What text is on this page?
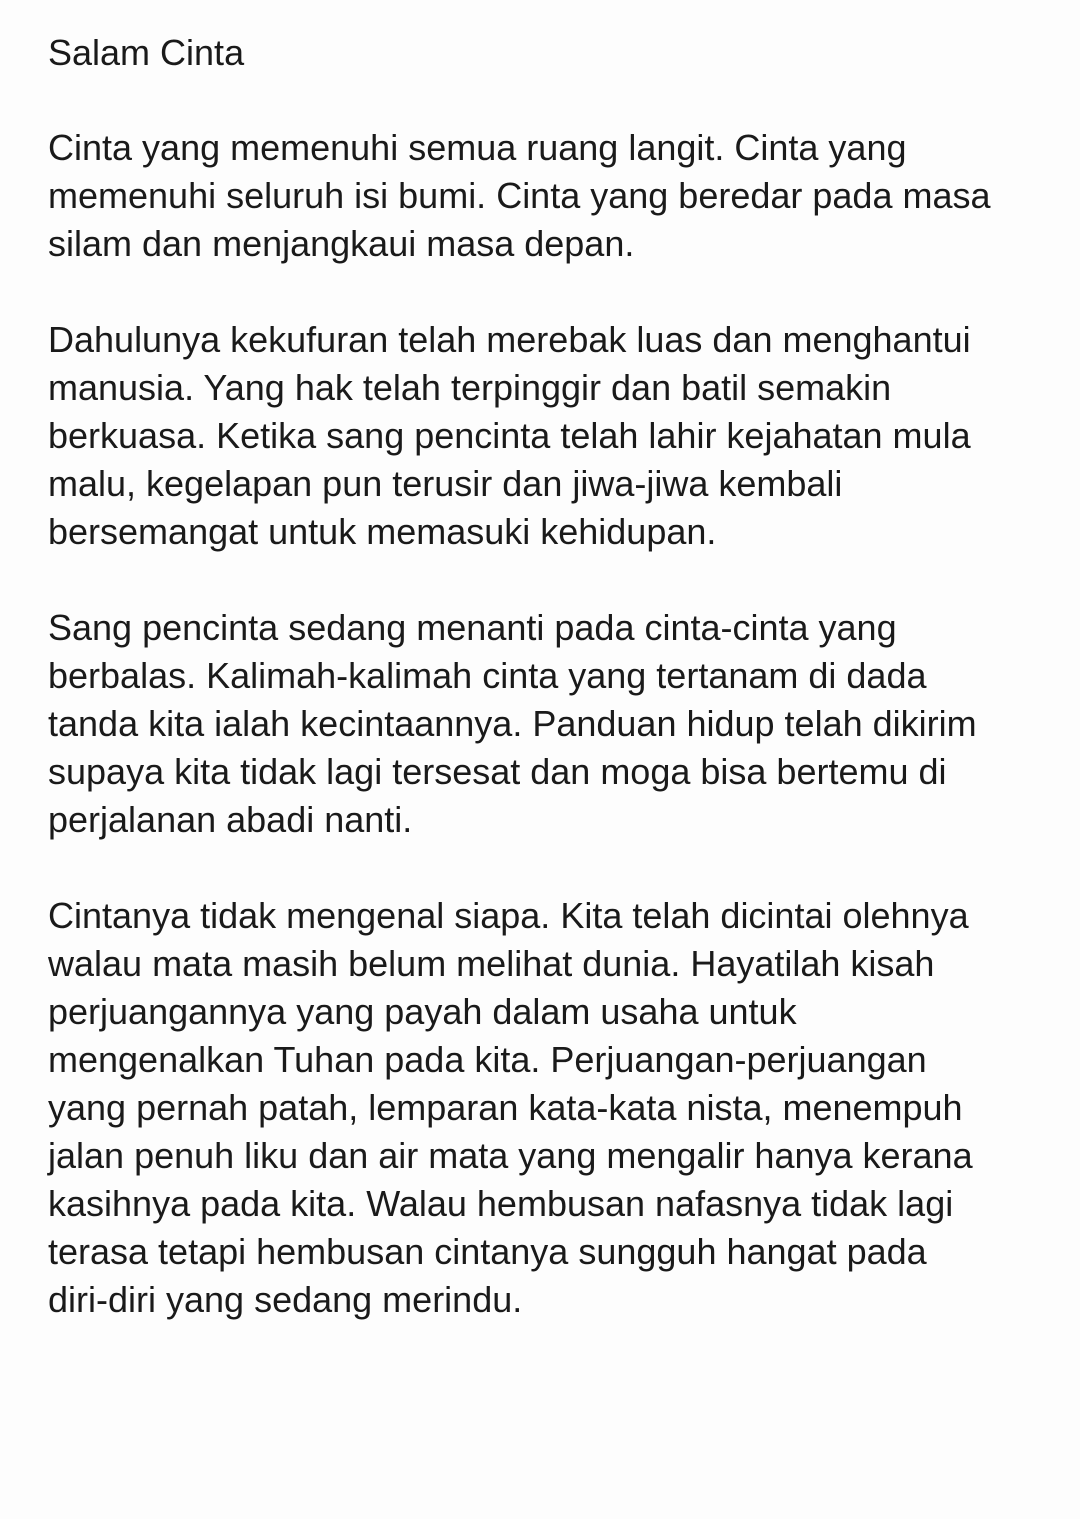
Salam Cinta
Cinta yang memenuhi semua ruang langit. Cinta yang
memenuhi seluruh isi bumi. Cinta yang beredar pada masa
silam dan menjangkaui masa depan.
Dahulunya kekufuran telah merebak luas dan menghantui
manusia. Yang hak telah terpinggir dan batil semakin
berkuasa. Ketika sang pencinta telah lahir kejahatan mula
malu, kegelapan pun terusir dan jiwa-jiwa kembali
bersemangat untuk memasuki kehidupan.
Sang pencinta sedang menanti pada cinta-cinta yang
berbalas. Kalimah-kalimah cinta yang tertanam di dada
tanda kita ialah kecintaannya. Panduan hidup telah dikirim
supaya kita tidak lagi tersesat dan moga bisa bertemu di
perjalanan abadi nanti.
Cintanya tidak mengenal siapa. Kita telah dicintai olehnya
walau mata masih belum melihat dunia. Hayatilah kisah
perjuangannya yang payah dalam usaha untuk
mengenalkan Tuhan pada kita. Perjuangan-perjuangan
yang pernah patah, lemparan kata-kata nista, menempuh
jalan penuh liku dan air mata yang mengalir hanya kerana
kasihnya pada kita. Walau hembusan nafasnya tidak lagi
terasa tetapi hembusan cintanya sungguh hangat pada
diri-diri yang sedang merindu.
